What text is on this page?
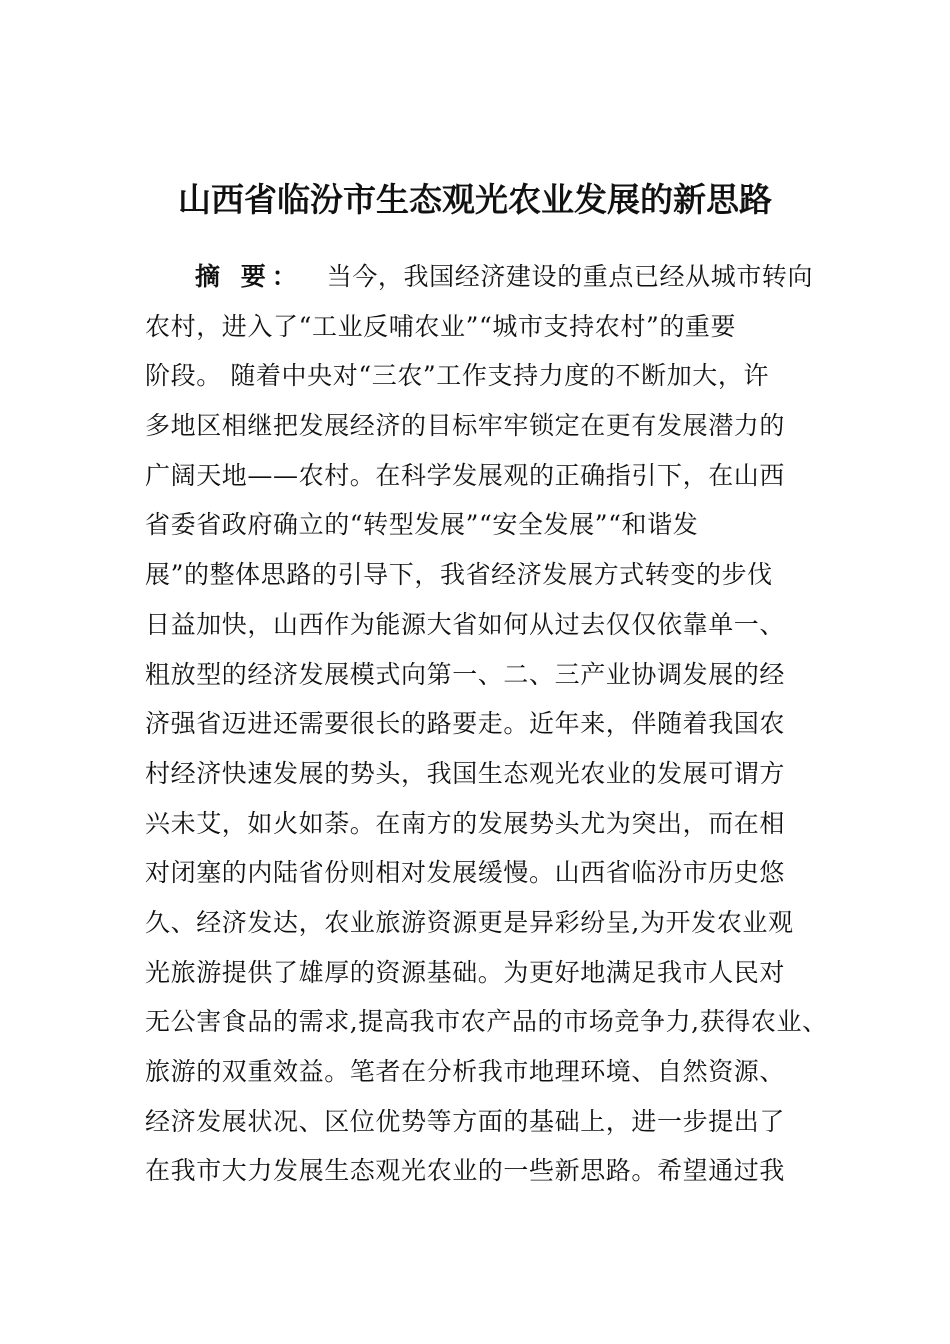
山西省临汾市生态观光农业发展的新思路
摘 要： 当今，我国经济建设的重点已经从城市转向
农村，进入了“工业反哺农业”“城市支持农村”的重要
阶段。 随着中央对“三农”工作支持力度的不断加大，许
多地区相继把发展经济的目标牢牢锁定在更有发展潜力的
广阔天地——农村。在科学发展观的正确指引下，在山西
省委省政府确立的“转型发展”“安全发展”“和谐发
展”的整体思路的引导下，我省经济发展方式转变的步伐
日益加快，山西作为能源大省如何从过去仅仅依靠单一、
粗放型的经济发展模式向第一、二、三产业协调发展的经
济强省迈进还需要很长的路要走。近年来，伴随着我国农
村经济快速发展的势头，我国生态观光农业的发展可谓方
兴未艾，如火如荼。在南方的发展势头尤为突出，而在相
对闭塞的内陆省份则相对发展缓慢。山西省临汾市历史悠
久、经济发达，农业旅游资源更是异彩纷呈,为开发农业观
光旅游提供了雄厚的资源基础。为更好地满足我市人民对
无公害食品的需求,提高我市农产品的市场竞争力,获得农业、
旅游的双重效益。笔者在分析我市地理环境、自然资源、
经济发展状况、区位优势等方面的基础上，进一步提出了
在我市大力发展生态观光农业的一些新思路。希望通过我
